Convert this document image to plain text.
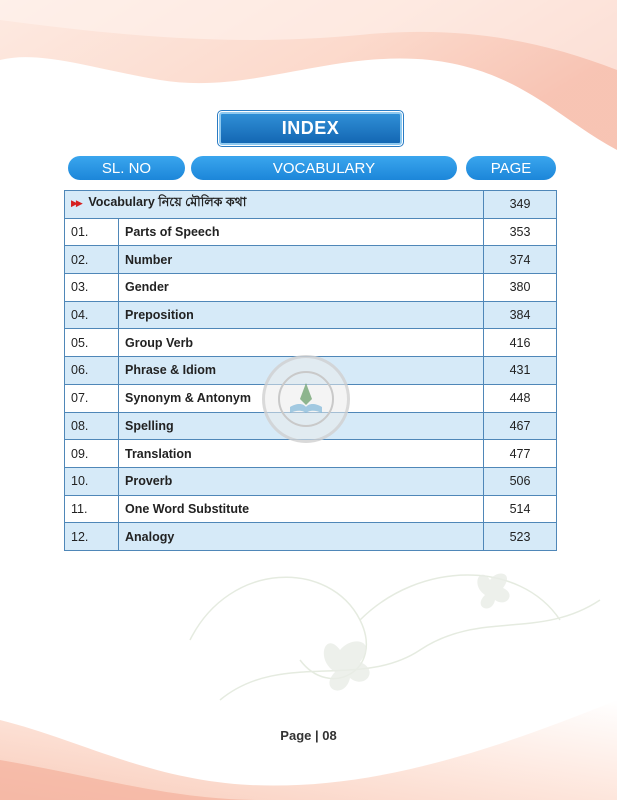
INDEX
SL. NO	VOCABULARY	PAGE
▶▶ Vocabulary নিয়ে মৌলিক কথা		349
01.	Parts of Speech	353
02.	Number	374
03.	Gender	380
04.	Preposition	384
05.	Group Verb	416
06.	Phrase & Idiom	431
07.	Synonym & Antonym	448
08.	Spelling	467
09.	Translation	477
10.	Proverb	506
11.	One Word Substitute	514
12.	Analogy	523
Page | 08
